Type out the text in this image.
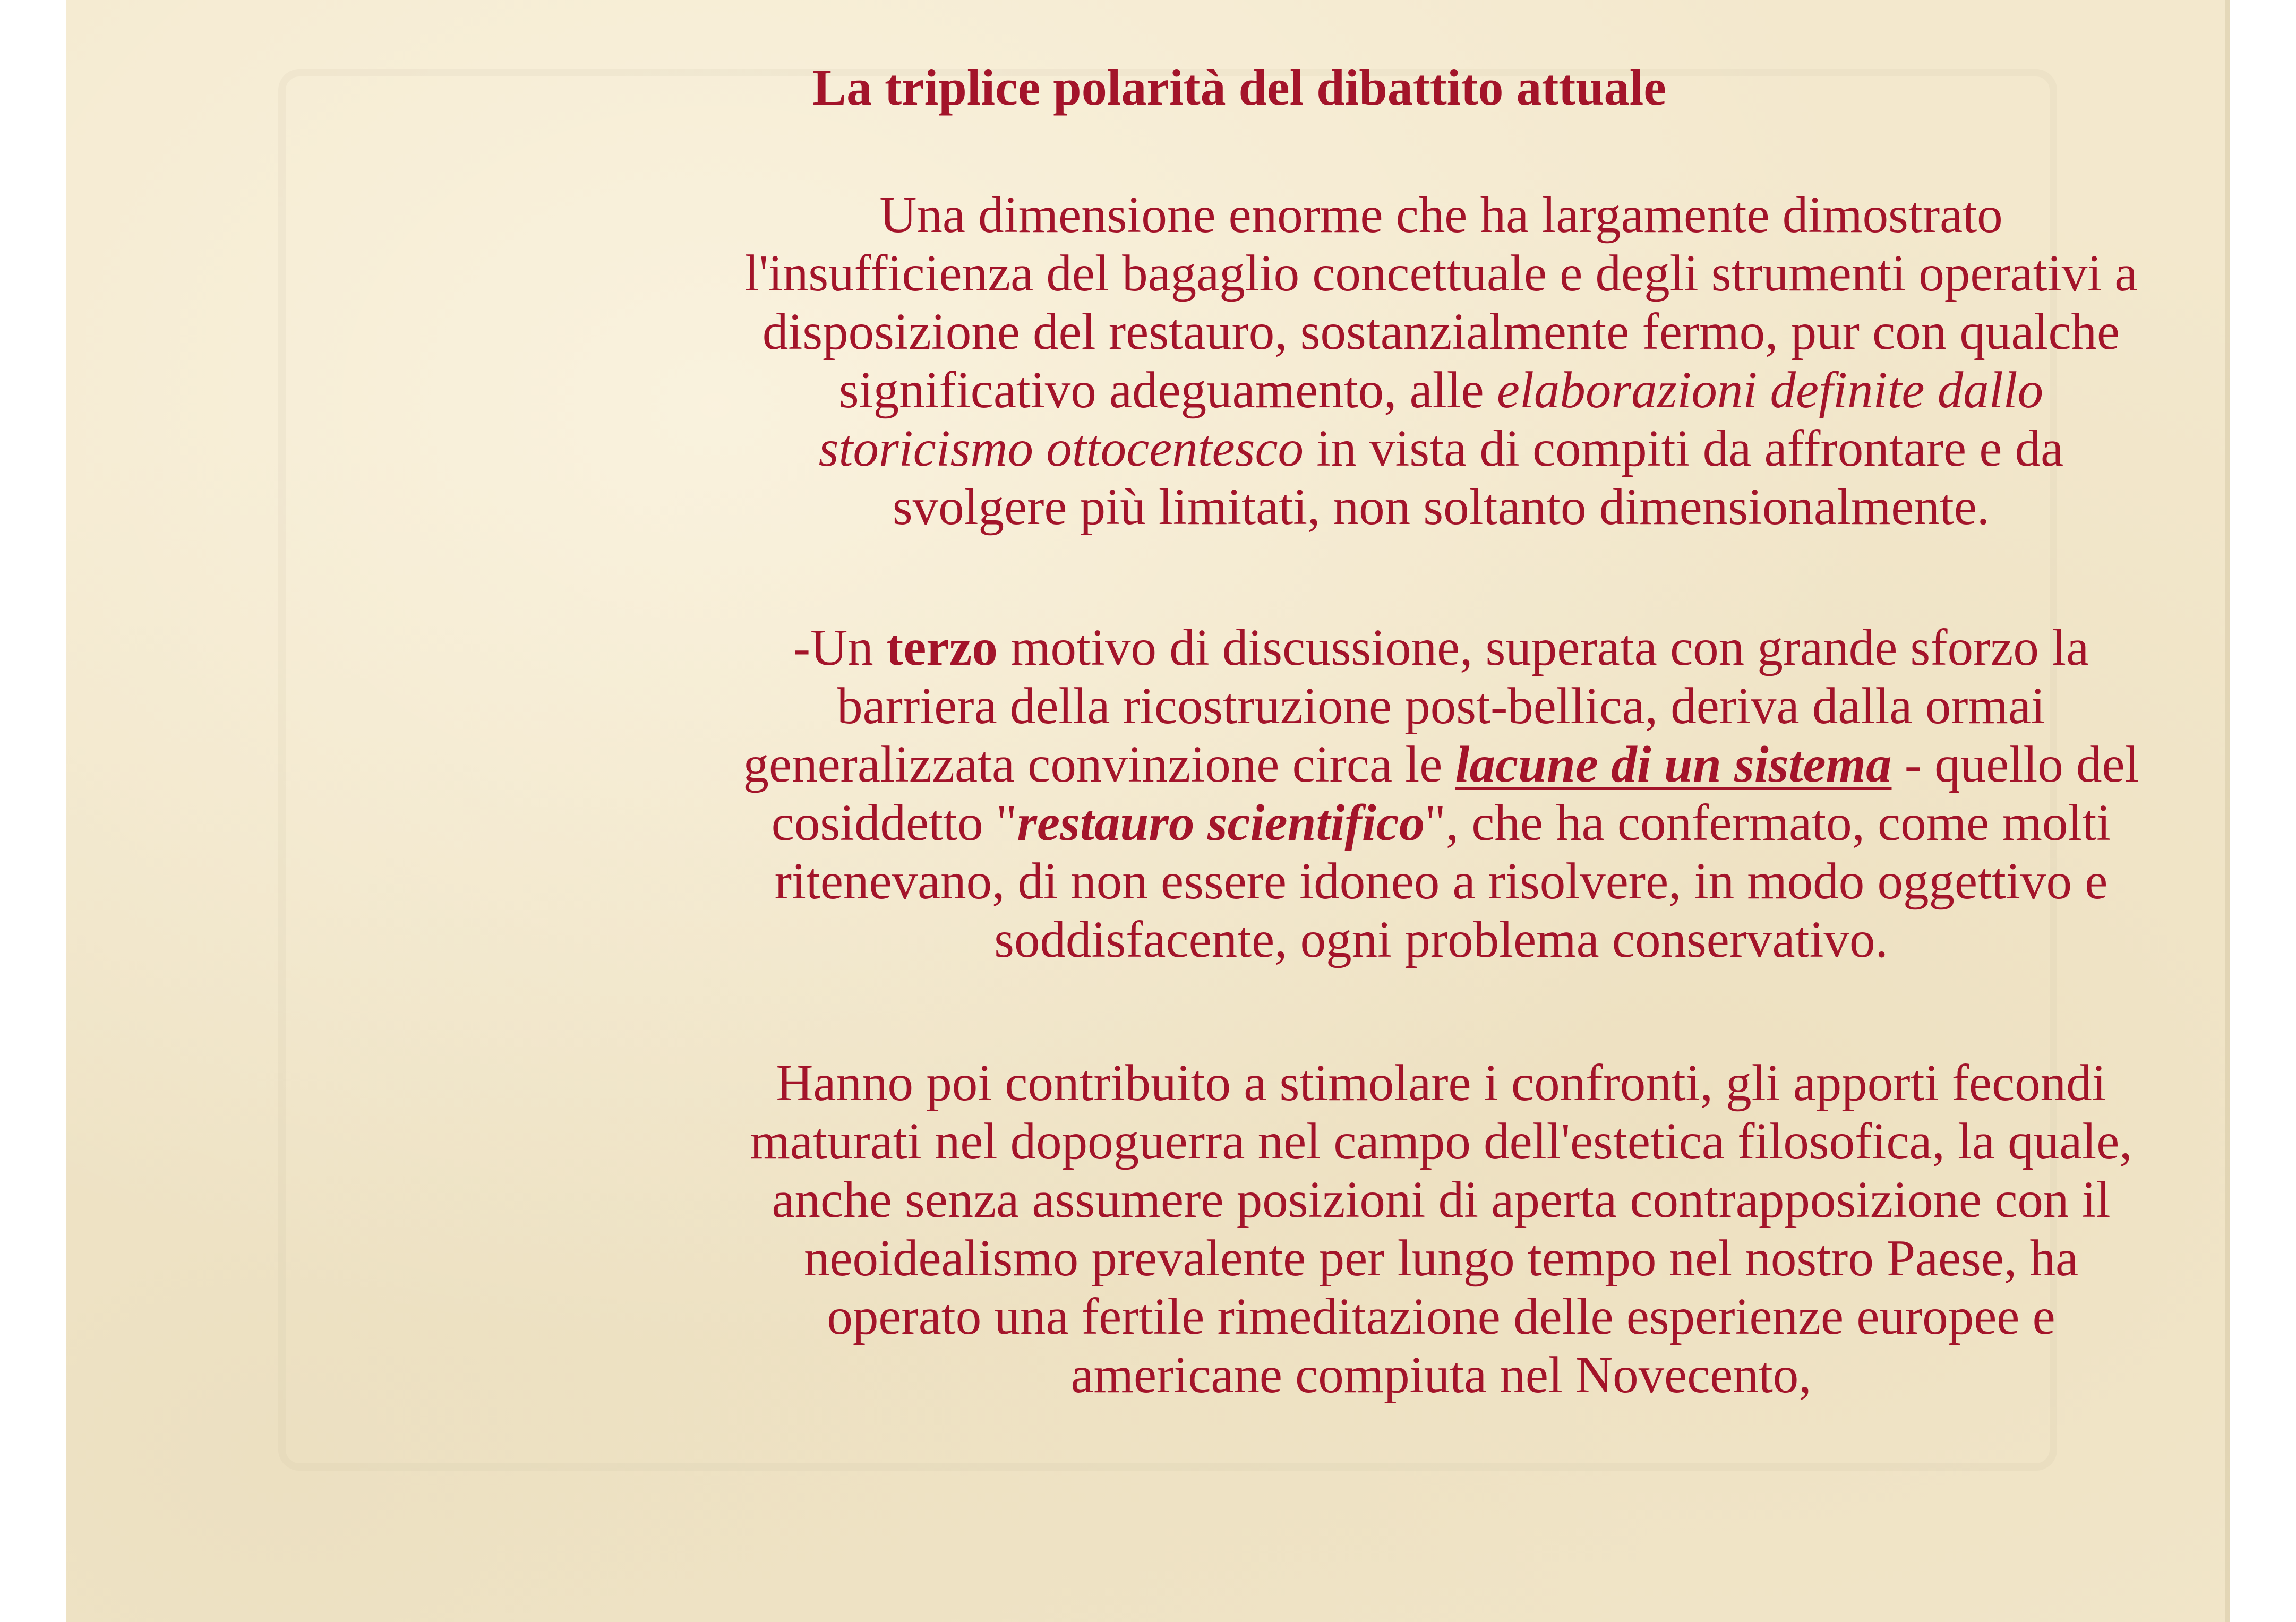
La triplice polarità del dibattito attuale
Una dimensione enorme che ha largamente dimostrato
l'insufficienza del bagaglio concettuale e degli strumenti operativi a
disposizione del restauro, sostanzialmente fermo, pur con qualche
significativo adeguamento, alle elaborazioni definite dallo
storicismo ottocentesco in vista di compiti da affrontare e da
svolgere più limitati, non soltanto dimensionalmente.
-Un terzo motivo di discussione, superata con grande sforzo la
barriera della ricostruzione post-bellica, deriva dalla ormai
generalizzata convinzione circa le lacune di un sistema - quello del
cosiddetto "restauro scientifico", che ha confermato, come molti
ritenevano, di non essere idoneo a risolvere, in modo oggettivo e
soddisfacente, ogni problema conservativo.
Hanno poi contribuito a stimolare i confronti, gli apporti fecondi
maturati nel dopoguerra nel campo dell'estetica filosofica, la quale,
anche senza assumere posizioni di aperta contrapposizione con il
neoidealismo prevalente per lungo tempo nel nostro Paese, ha
operato una fertile rimeditazione delle esperienze europee e
americane compiuta nel Novecento,
